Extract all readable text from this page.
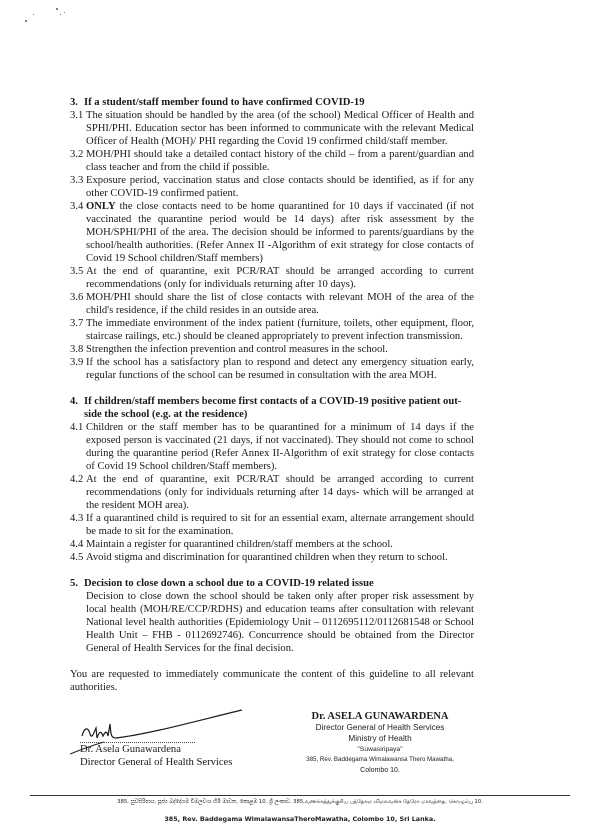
3. If a student/staff member found to have confirmed COVID-19
3.1 The situation should be handled by the area (of the school) Medical Officer of Health and SPHI/PHI. Education sector has been informed to communicate with the relevant Medical Officer of Health (MOH)/ PHI regarding the Covid 19 confirmed child/staff member.
3.2 MOH/PHI should take a detailed contact history of the child – from a parent/guardian and class teacher and from the child if possible.
3.3 Exposure period, vaccination status and close contacts should be identified, as if for any other COVID-19 confirmed patient.
3.4 ONLY the close contacts need to be home quarantined for 10 days if vaccinated (if not vaccinated the quarantine period would be 14 days) after risk assessment by the MOH/SPHI/PHI of the area. The decision should be informed to parents/guardians by the school/health authorities. (Refer Annex II -Algorithm of exit strategy for close contacts of Covid 19 School children/Staff members)
3.5 At the end of quarantine, exit PCR/RAT should be arranged according to current recommendations (only for individuals returning after 10 days).
3.6 MOH/PHI should share the list of close contacts with relevant MOH of the area of the child's residence, if the child resides in an outside area.
3.7 The immediate environment of the index patient (furniture, toilets, other equipment, floor, staircase railings, etc.) should be cleaned appropriately to prevent infection transmission.
3.8 Strengthen the infection prevention and control measures in the school.
3.9 If the school has a satisfactory plan to respond and detect any emergency situation early, regular functions of the school can be resumed in consultation with the area MOH.
4. If children/staff members become first contacts of a COVID-19 positive patient out- side the school (e.g. at the residence)
4.1 Children or the staff member has to be quarantined for a minimum of 14 days if the exposed person is vaccinated (21 days, if not vaccinated). They should not come to school during the quarantine period (Refer Annex II-Algorithm of exit strategy for close contacts of Covid 19 School children/Staff members).
4.2 At the end of quarantine, exit PCR/RAT should be arranged according to current recommendations (only for individuals returning after 14 days- which will be arranged at the resident MOH area).
4.3 If a quarantined child is required to sit for an essential exam, alternate arrangement should be made to sit for the examination.
4.4 Maintain a register for quarantined children/staff members at the school.
4.5 Avoid stigma and discrimination for quarantined children when they return to school.
5. Decision to close down a school due to a COVID-19 related issue
Decision to close down the school should be taken only after proper risk assessment by local health (MOH/RE/CCP/RDHS) and education teams after consultation with relevant National level health authorities (Epidemiology Unit – 0112695112/0112681548 or School Health Unit – FHB - 0112692746). Concurrence should be obtained from the Director General of Health Services for the final decision.
You are requested to immediately communicate the content of this guideline to all relevant authorities.
Dr. Asela Gunawardena
Director General of Health Services
Dr. ASELA GUNAWARDENA
Director General of Health Services
Ministry of Health
"Suwasiripaya"
385, Rev. Baddegama Wimalawansa Thero Mawatha,
Colombo 10.
385, සුවසිරිපාය, පූජ්‍ය බද්දේගම විමලවංශ හිමි මාවත, කොළඹ 10. ශ්‍රී ලංකාව. 385,வணக்கத்துக்குரிய பத்தேகம விமலவன்ச தேரோ மாவத்தை, கொழும்பு 10.
385, Rev. Baddegama WimalawansaTheroMawatha, Colombo 10, Sri Lanka.
